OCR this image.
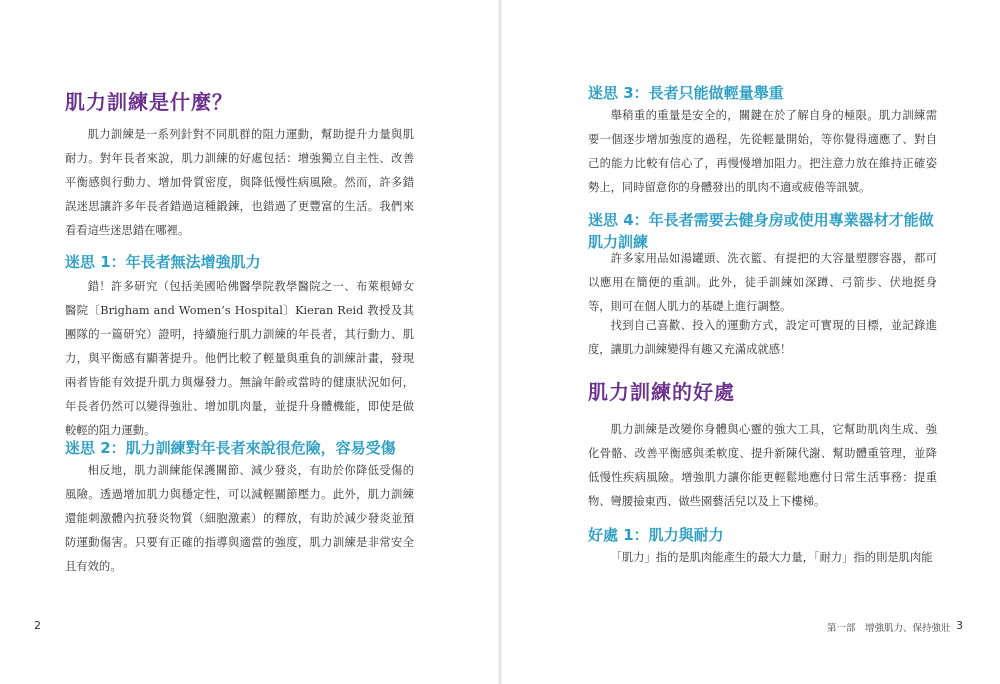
肌力訓練是什麼？

肌力訓練是一系列針對不同肌群的阻力運動，幫助提升力量與肌耐力。對年長者來說，肌力訓練的好處包括：增強獨立自主性、改善平衡感與行動力、增加骨質密度，與降低慢性病風險。然而，許多錯誤迷思讓許多年長者錯過這種鍛鍊，也錯過了更豐富的生活。我們來看看這些迷思錯在哪裡。

迷思 1：年長者無法增強肌力

錯！許多研究（包括美國哈佛醫學院教學醫院之一、布萊根婦女醫院〔Brigham and Women’s Hospital〕Kieran Reid 教授及其團隊的一篇研究）證明，持續施行肌力訓練的年長者，其行動力、肌力，與平衡感有顯著提升。他們比較了輕量與重負的訓練計畫，發現兩者皆能有效提升肌力與爆發力。無論年齡或當時的健康狀況如何，年長者仍然可以變得強壯、增加肌肉量，並提升身體機能，即使是做較輕的阻力運動。

迷思 2：肌力訓練對年長者來說很危險，容易受傷

相反地，肌力訓練能保護關節、減少發炎，有助於你降低受傷的風險。透過增加肌力與穩定性，可以減輕關節壓力。此外，肌力訓練還能刺激體內抗發炎物質（細胞激素）的釋放，有助於減少發炎並預防運動傷害。只要有正確的指導與適當的強度，肌力訓練是非常安全且有效的。

2

迷思 3：長者只能做輕量舉重

舉稍重的重量是安全的，關鍵在於了解自身的極限。肌力訓練需要一個逐步增加強度的過程，先從輕量開始，等你覺得適應了、對自己的能力比較有信心了，再慢慢增加阻力。把注意力放在維持正確姿勢上，同時留意你的身體發出的肌肉不適或疲倦等訊號。

迷思 4：年長者需要去健身房或使用專業器材才能做肌力訓練

許多家用品如湯罐頭、洗衣籃、有提把的大容量塑膠容器，都可以應用在簡便的重訓。此外，徒手訓練如深蹲、弓箭步、伏地挺身等，則可在個人肌力的基礎上進行調整。

找到自己喜歡、投入的運動方式，設定可實現的目標，並記錄進度，讓肌力訓練變得有趣又充滿成就感！

肌力訓練的好處

肌力訓練是改變你身體與心靈的強大工具，它幫助肌肉生成、強化骨骼、改善平衡感與柔軟度、提升新陳代謝、幫助體重管理，並降低慢性疾病風險。增強肌力讓你能更輕鬆地應付日常生活事務：提重物、彎腰撿東西、做些園藝活兒以及上下樓梯。

好處 1：肌力與耐力

「肌力」指的是肌肉能產生的最大力量，「耐力」指的則是肌肉能

第一部　增強肌力、保持強壯 3
